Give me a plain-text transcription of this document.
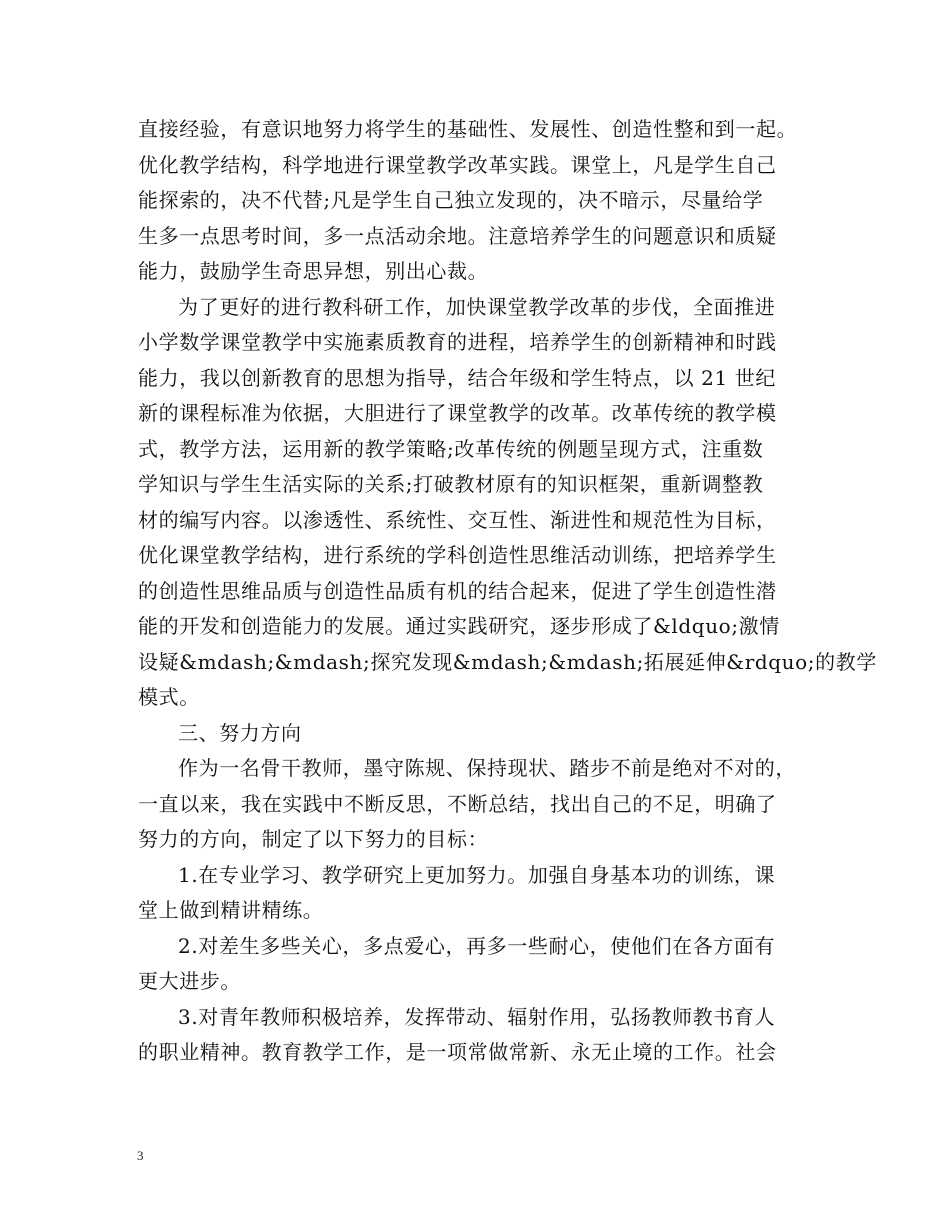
直接经验，有意识地努力将学生的基础性、发展性、创造性整和到一起。
优化教学结构，科学地进行课堂教学改革实践。课堂上，凡是学生自己
能探索的，决不代替;凡是学生自己独立发现的，决不暗示，尽量给学
生多一点思考时间，多一点活动余地。注意培养学生的问题意识和质疑
能力，鼓励学生奇思异想，别出心裁。
为了更好的进行教科研工作，加快课堂教学改革的步伐，全面推进
小学数学课堂教学中实施素质教育的进程，培养学生的创新精神和时践
能力，我以创新教育的思想为指导，结合年级和学生特点，以 21 世纪
新的课程标准为依据，大胆进行了课堂教学的改革。改革传统的教学模
式，教学方法，运用新的教学策略;改革传统的例题呈现方式，注重数
学知识与学生生活实际的关系;打破教材原有的知识框架，重新调整教
材的编写内容。以渗透性、系统性、交互性、渐进性和规范性为目标，
优化课堂教学结构，进行系统的学科创造性思维活动训练，把培养学生
的创造性思维品质与创造性品质有机的结合起来，促进了学生创造性潜
能的开发和创造能力的发展。通过实践研究，逐步形成了&ldquo;激情
设疑&mdash;&mdash;探究发现&mdash;&mdash;拓展延伸&rdquo;的教学
模式。
三、努力方向
作为一名骨干教师，墨守陈规、保持现状、踏步不前是绝对不对的，
一直以来，我在实践中不断反思，不断总结，找出自己的不足，明确了
努力的方向，制定了以下努力的目标：
1.在专业学习、教学研究上更加努力。加强自身基本功的训练，课
堂上做到精讲精练。
2.对差生多些关心，多点爱心，再多一些耐心，使他们在各方面有
更大进步。
3.对青年教师积极培养，发挥带动、辐射作用，弘扬教师教书育人
的职业精神。教育教学工作，是一项常做常新、永无止境的工作。社会
3
